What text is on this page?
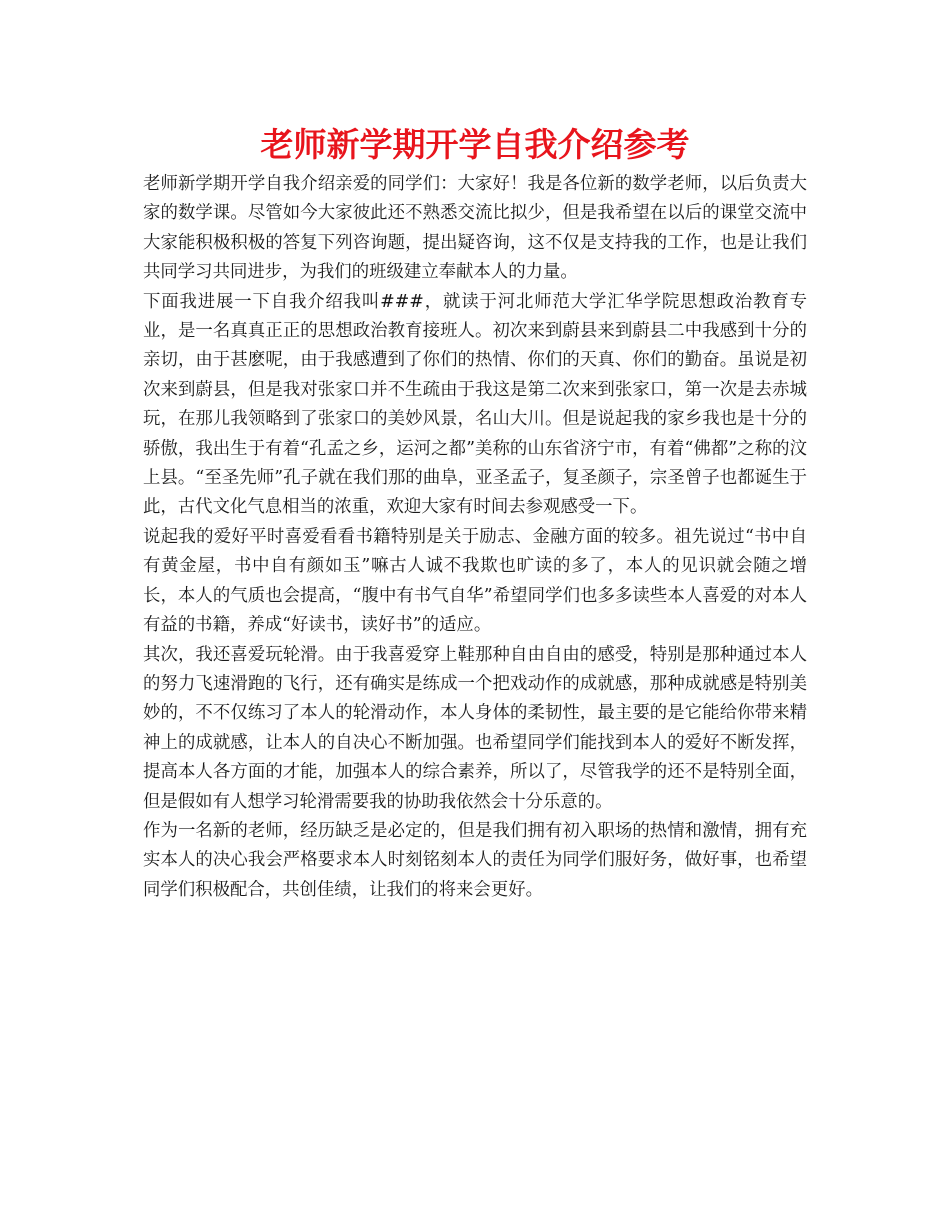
老师新学期开学自我介绍参考

老师新学期开学自我介绍亲爱的同学们：大家好！我是各位新的数学老师，以后负责大家的数学课。尽管如今大家彼此还不熟悉交流比拟少，但是我希望在以后的课堂交流中大家能积极积极的答复下列咨询题，提出疑咨询，这不仅是支持我的工作，也是让我们共同学习共同进步，为我们的班级建立奉献本人的力量。

下面我进展一下自我介绍我叫###，就读于河北师范大学汇华学院思想政治教育专业，是一名真真正正的思想政治教育接班人。初次来到蔚县来到蔚县二中我感到十分的亲切，由于甚麽呢，由于我感遭到了你们的热情、你们的天真、你们的勤奋。虽说是初次来到蔚县，但是我对张家口并不生疏由于我这是第二次来到张家口，第一次是去赤城玩，在那儿我领略到了张家口的美妙风景，名山大川。但是说起我的家乡我也是十分的骄傲，我出生于有着“孔孟之乡，运河之都”美称的山东省济宁市，有着“佛都”之称的汶上县。“至圣先师”孔子就在我们那的曲阜，亚圣孟子，复圣颜子，宗圣曾子也都诞生于此，古代文化气息相当的浓重，欢迎大家有时间去参观感受一下。

说起我的爱好平时喜爱看看书籍特别是关于励志、金融方面的较多。祖先说过“书中自有黄金屋，书中自有颜如玉”嘛古人诚不我欺也旷读的多了，本人的见识就会随之增长，本人的气质也会提高，“腹中有书气自华”希望同学们也多多读些本人喜爱的对本人有益的书籍，养成“好读书，读好书”的适应。

其次，我还喜爱玩轮滑。由于我喜爱穿上鞋那种自由自由的感受，特别是那种通过本人的努力飞速滑跑的飞行，还有确实是练成一个把戏动作的成就感，那种成就感是特别美妙的，不不仅练习了本人的轮滑动作，本人身体的柔韧性，最主要的是它能给你带来精神上的成就感，让本人的自决心不断加强。也希望同学们能找到本人的爱好不断发挥，提高本人各方面的才能，加强本人的综合素养，所以了，尽管我学的还不是特别全面，但是假如有人想学习轮滑需要我的协助我依然会十分乐意的。

作为一名新的老师，经历缺乏是必定的，但是我们拥有初入职场的热情和激情，拥有充实本人的决心我会严格要求本人时刻铭刻本人的责任为同学们服好务，做好事，也希望同学们积极配合，共创佳绩，让我们的将来会更好。
